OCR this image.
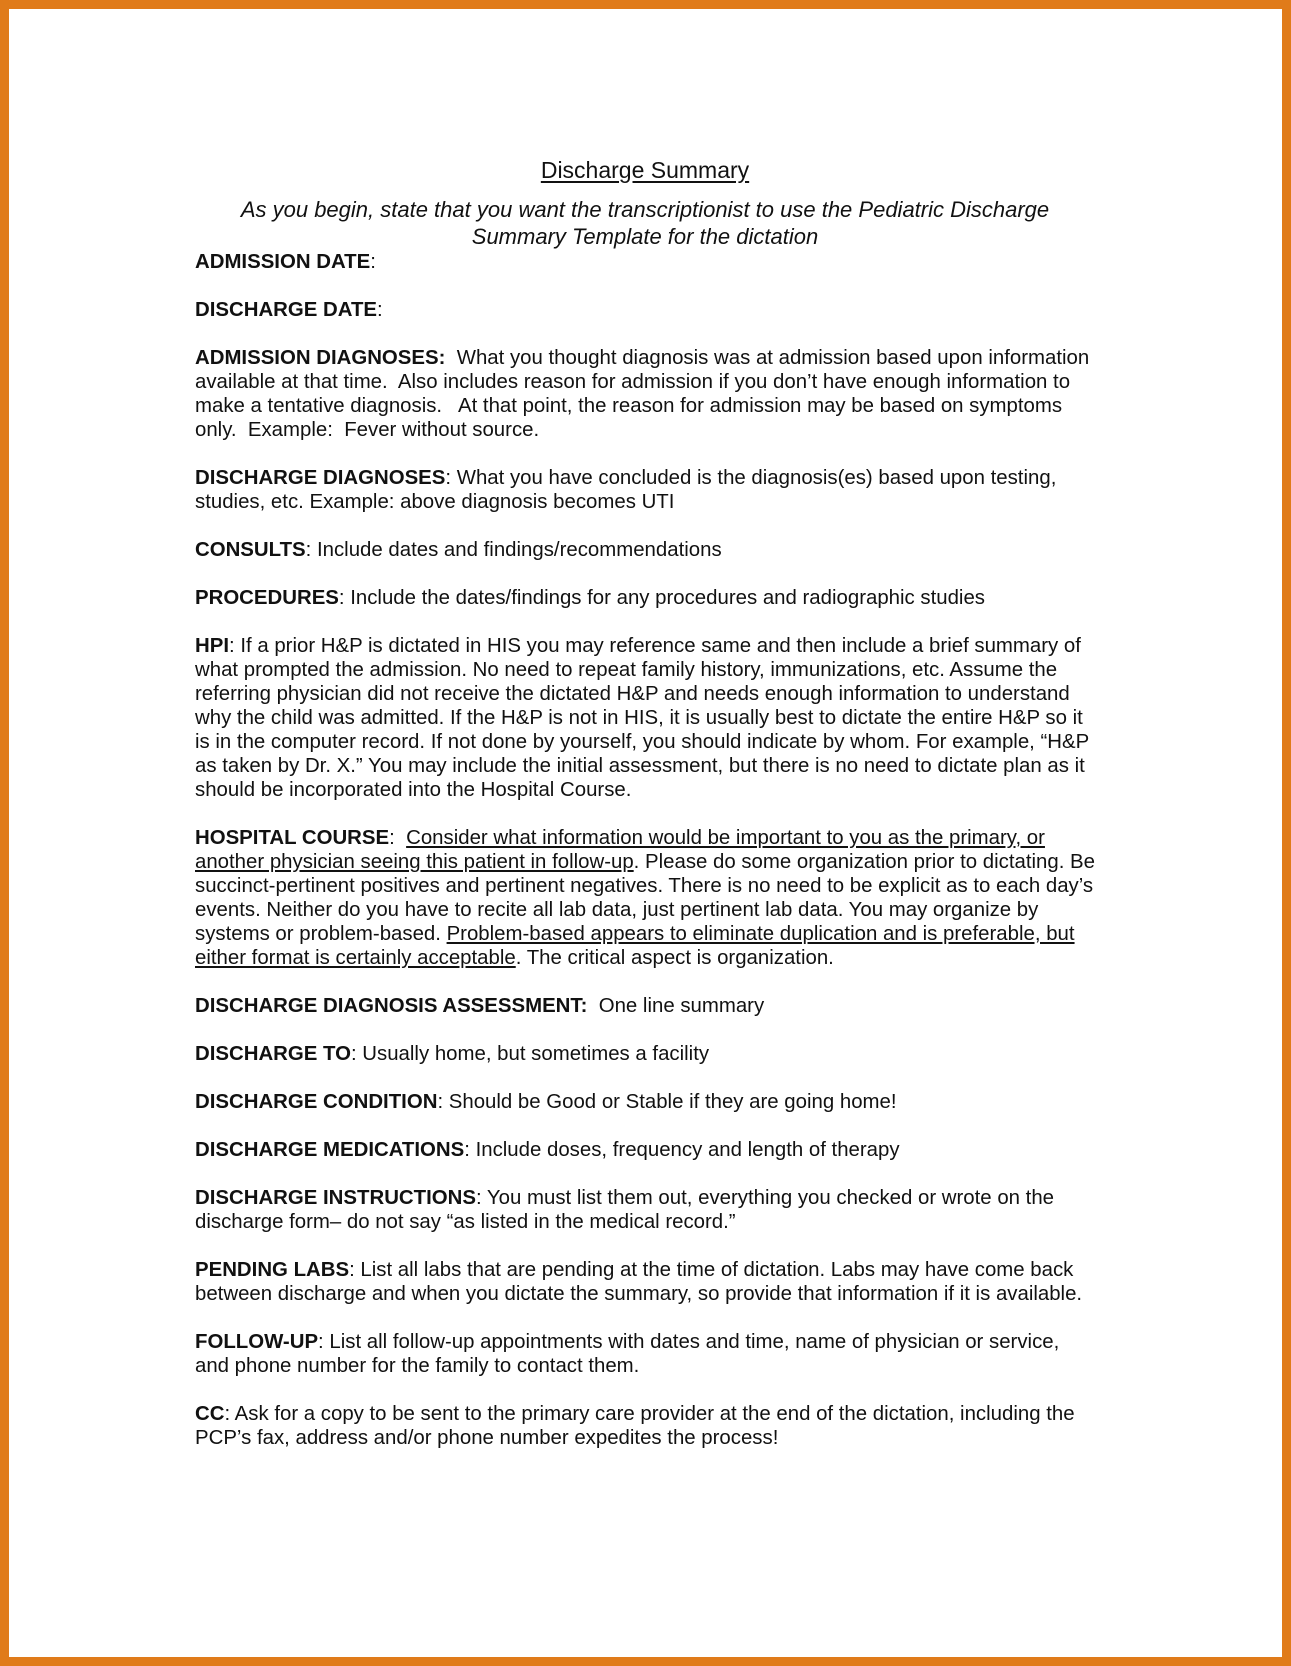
Discharge Summary
As you begin, state that you want the transcriptionist to use the Pediatric Discharge
Summary Template for the dictation
ADMISSION DATE:
DISCHARGE DATE:
ADMISSION DIAGNOSES:  What you thought diagnosis was at admission based upon information available at that time.  Also includes reason for admission if you don’t have enough information to make a tentative diagnosis.   At that point, the reason for admission may be based on symptoms only.  Example:  Fever without source.
DISCHARGE DIAGNOSES: What you have concluded is the diagnosis(es) based upon testing, studies, etc. Example: above diagnosis becomes UTI
CONSULTS: Include dates and findings/recommendations
PROCEDURES: Include the dates/findings for any procedures and radiographic studies
HPI: If a prior H&P is dictated in HIS you may reference same and then include a brief summary of what prompted the admission. No need to repeat family history, immunizations, etc. Assume the referring physician did not receive the dictated H&P and needs enough information to understand why the child was admitted. If the H&P is not in HIS, it is usually best to dictate the entire H&P so it is in the computer record. If not done by yourself, you should indicate by whom. For example, “H&P as taken by Dr. X.” You may include the initial assessment, but there is no need to dictate plan as it should be incorporated into the Hospital Course.
HOSPITAL COURSE:  Consider what information would be important to you as the primary, or another physician seeing this patient in follow-up. Please do some organization prior to dictating. Be succinct-pertinent positives and pertinent negatives. There is no need to be explicit as to each day’s events. Neither do you have to recite all lab data, just pertinent lab data. You may organize by systems or problem-based. Problem-based appears to eliminate duplication and is preferable, but either format is certainly acceptable. The critical aspect is organization.
DISCHARGE DIAGNOSIS ASSESSMENT:  One line summary
DISCHARGE TO: Usually home, but sometimes a facility
DISCHARGE CONDITION: Should be Good or Stable if they are going home!
DISCHARGE MEDICATIONS: Include doses, frequency and length of therapy
DISCHARGE INSTRUCTIONS: You must list them out, everything you checked or wrote on the discharge form– do not say “as listed in the medical record.”
PENDING LABS: List all labs that are pending at the time of dictation. Labs may have come back between discharge and when you dictate the summary, so provide that information if it is available.
FOLLOW-UP: List all follow-up appointments with dates and time, name of physician or service, and phone number for the family to contact them.
CC: Ask for a copy to be sent to the primary care provider at the end of the dictation, including the PCP’s fax, address and/or phone number expedites the process!
